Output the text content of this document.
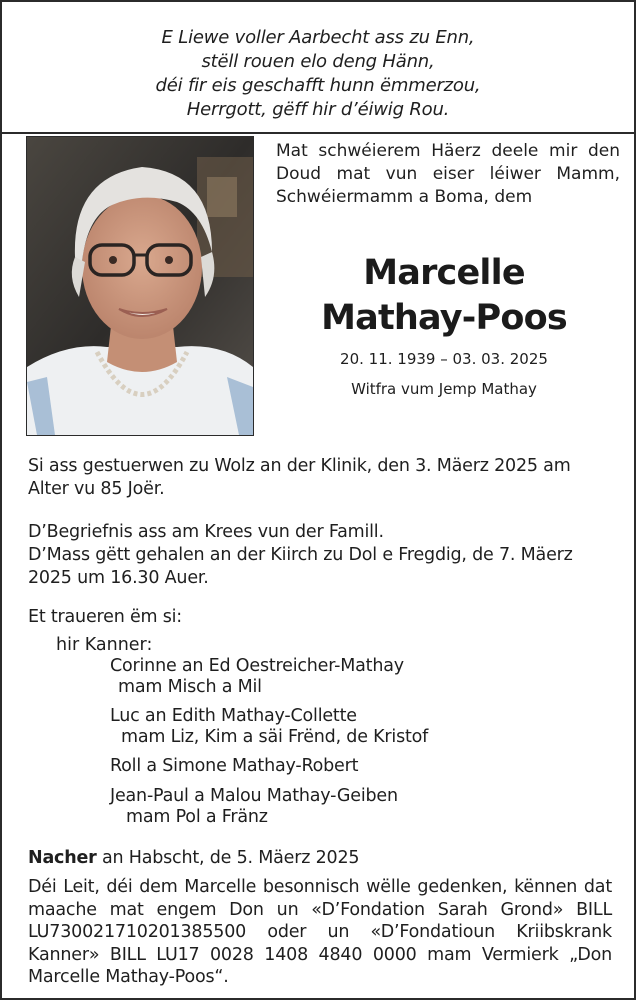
E Liewe voller Aarbecht ass zu Enn,
stëll rouen elo deng Hänn,
déi fir eis geschafft hunn ëmmerzou,
Herrgott, gëff hir d’éiwig Rou.
Mat schwéierem Häerz deele mir den Doud mat vun eiser léiwer Mamm, Schwéiermamm a Boma, dem
Marcelle
Mathay-Poos
20. 11. 1939 – 03. 03. 2025
Witfra vum Jemp Mathay
Si ass gestuerwen zu Wolz an der Klinik, den 3. Mäerz 2025 am
Alter vu 85 Joër.
D’Begriefnis ass am Krees vun der Famill.
D’Mass gëtt gehalen an der Kiirch zu Dol e Fregdig, de 7. Mäerz
2025 um 16.30 Auer.
Et traueren ëm si:
hir Kanner:
Corinne an Ed Oestreicher-Mathay
mam Misch a Mil
Luc an Edith Mathay-Collette
mam Liz, Kim a säi Frënd, de Kristof
Roll a Simone Mathay-Robert
Jean-Paul a Malou Mathay-Geiben
mam Pol a Fränz
Nacher an Habscht, de 5. Mäerz 2025
Déi Leit, déi dem Marcelle besonnisch wëlle gedenken, kënnen dat maache mat engem Don un «D’Fondation Sarah Grond» BILL LU730021710201385500 oder un «D’Fondatioun Kriibskrank Kanner» BILL LU17 0028 1408 4840 0000 mam Vermierk „Don Marcelle Mathay-Poos“.
